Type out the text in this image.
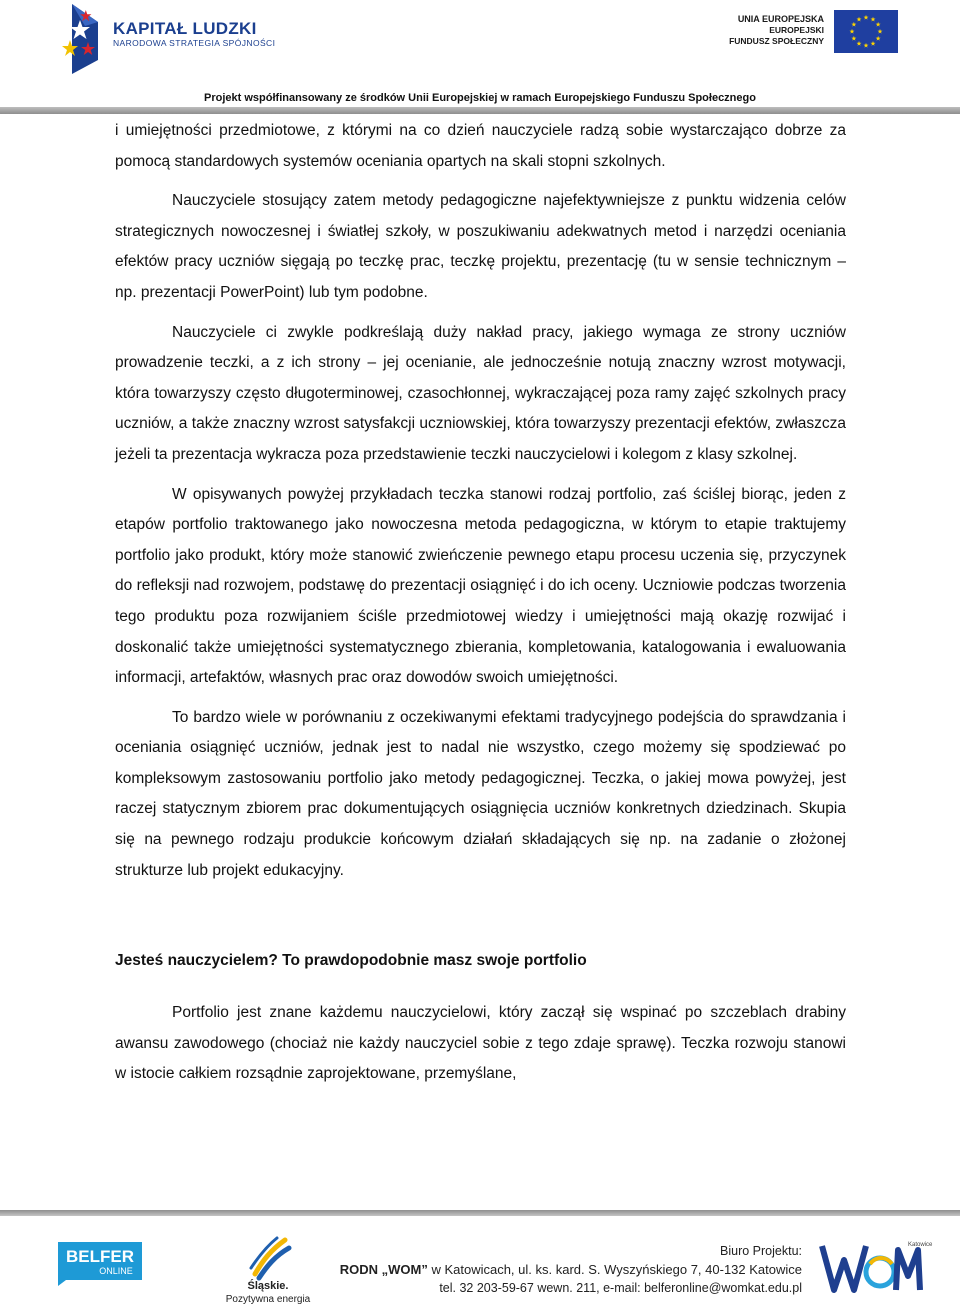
KAPITAŁ LUDZKI
NARODOWA STRATEGIA SPÓJNOŚCI
UNIA EUROPEJSKA
EUROPEJSKI
FUNDUSZ SPOŁECZNY
Projekt współfinansowany ze środków Unii Europejskiej w ramach Europejskiego Funduszu Społecznego

i umiejętności przedmiotowe, z którymi na co dzień nauczyciele radzą sobie wystarczająco dobrze za pomocą standardowych systemów oceniania opartych na skali stopni szkolnych.

Nauczyciele stosujący zatem metody pedagogiczne najefektywniejsze z punktu widzenia celów strategicznych nowoczesnej i światłej szkoły, w poszukiwaniu adekwatnych metod i narzędzi oceniania efektów pracy uczniów sięgają po teczkę prac, teczkę projektu, prezentację (tu w sensie technicznym – np. prezentacji PowerPoint) lub tym podobne.

Nauczyciele ci zwykle podkreślają duży nakład pracy, jakiego wymaga ze strony uczniów prowadzenie teczki, a z ich strony – jej ocenianie, ale jednocześnie notują znaczny wzrost motywacji, która towarzyszy często długoterminowej, czasochłonnej, wykraczającej poza ramy zajęć szkolnych pracy uczniów, a także znaczny wzrost satysfakcji uczniowskiej, która towarzyszy prezentacji efektów, zwłaszcza jeżeli ta prezentacja wykracza poza przedstawienie teczki nauczycielowi i kolegom z klasy szkolnej.

W opisywanych powyżej przykładach teczka stanowi rodzaj portfolio, zaś ściślej biorąc, jeden z etapów portfolio traktowanego jako nowoczesna metoda pedagogiczna, w którym to etapie traktujemy portfolio jako produkt, który może stanowić zwieńczenie pewnego etapu procesu uczenia się, przyczynek do refleksji nad rozwojem, podstawę do prezentacji osiągnięć i do ich oceny. Uczniowie podczas tworzenia tego produktu poza rozwijaniem ściśle przedmiotowej wiedzy i umiejętności mają okazję rozwijać i doskonalić także umiejętności systematycznego zbierania, kompletowania, katalogowania i ewaluowania informacji, artefaktów, własnych prac oraz dowodów swoich umiejętności.

To bardzo wiele w porównaniu z oczekiwanymi efektami tradycyjnego podejścia do sprawdzania i oceniania osiągnięć uczniów, jednak jest to nadal nie wszystko, czego możemy się spodziewać po kompleksowym zastosowaniu portfolio jako metody pedagogicznej. Teczka, o jakiej mowa powyżej, jest raczej statycznym zbiorem prac dokumentujących osiągnięcia uczniów konkretnych dziedzinach. Skupia się na pewnego rodzaju produkcie końcowym działań składających się np. na zadanie o złożonej strukturze lub projekt edukacyjny.

Jesteś nauczycielem? To prawdopodobnie masz swoje portfolio

Portfolio jest znane każdemu nauczycielowi, który zaczął się wspinać po szczeblach drabiny awansu zawodowego (chociaż nie każdy nauczyciel sobie z tego zdaje sprawę). Teczka rozwoju stanowi w istocie całkiem rozsądnie zaprojektowane, przemyślane,

BELFER
ONLINE
Śląskie.
Pozytywna energia
Biuro Projektu:
RODN „WOM” w Katowicach, ul. ks. kard. S. Wyszyńskiego 7, 40-132 Katowice
tel. 32 203-59-67 wewn. 211, e-mail: belferonline@womkat.edu.pl
Katowice
